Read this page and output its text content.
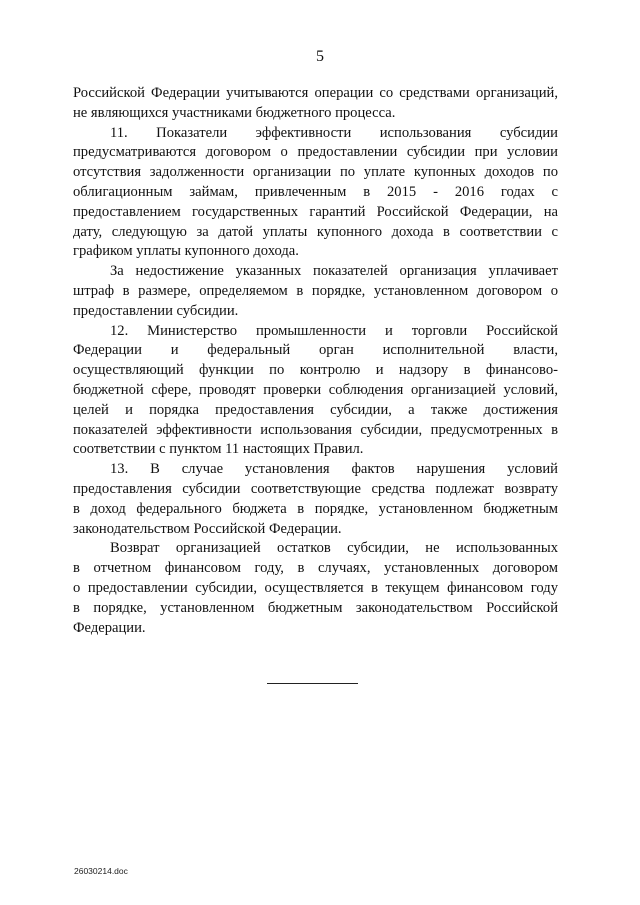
5
Российской Федерации учитываются операции со средствами организаций,
не являющихся участниками бюджетного процесса.
11. Показатели эффективности использования субсидии
предусматриваются договором о предоставлении субсидии при условии
отсутствия задолженности организации по уплате купонных доходов по
облигационным займам, привлеченным в 2015 - 2016 годах с
предоставлением государственных гарантий Российской Федерации, на
дату, следующую за датой уплаты купонного дохода в соответствии с
графиком уплаты купонного дохода.
За недостижение указанных показателей организация уплачивает
штраф в размере, определяемом в порядке, установленном договором о
предоставлении субсидии.
12. Министерство промышленности и торговли Российской
Федерации и федеральный орган исполнительной власти,
осуществляющий функции по контролю и надзору в финансово-
бюджетной сфере, проводят проверки соблюдения организацией условий,
целей и порядка предоставления субсидии, а также достижения
показателей эффективности использования субсидии, предусмотренных в
соответствии с пунктом 11 настоящих Правил.
13. В случае установления фактов нарушения условий
предоставления субсидии соответствующие средства подлежат возврату
в доход федерального бюджета в порядке, установленном бюджетным
законодательством Российской Федерации.
Возврат организацией остатков субсидии, не использованных
в отчетном финансовом году, в случаях, установленных договором
о предоставлении субсидии, осуществляется в текущем финансовом году
в порядке, установленном бюджетным законодательством Российской
Федерации.
26030214.doc
